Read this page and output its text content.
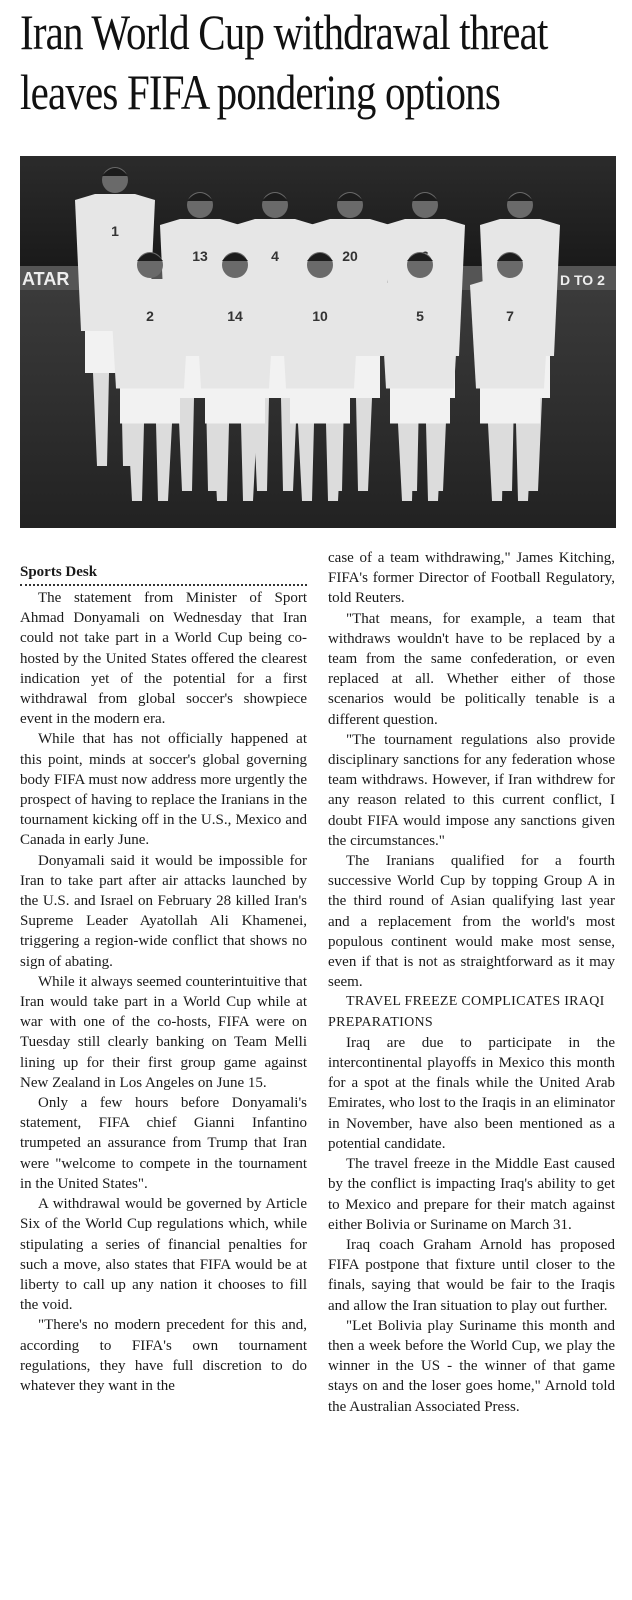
Iran World Cup withdrawal threat
leaves FIFA pondering options
ATAR	D TO 2
1
13	4	20
2	14	10	5	7
Sports Desk

The statement from Minister of Sport Ahmad Donyamali on Wednesday that Iran could not take part in a World Cup being co-hosted by the United States offered the clearest indication yet of the potential for a first withdrawal from global soccer's showpiece event in the modern era.

While that has not officially happened at this point, minds at soccer's global governing body FIFA must now address more urgently the prospect of having to replace the Iranians in the tournament kicking off in the U.S., Mexico and Canada in early June.

Donyamali said it would be impossible for Iran to take part after air attacks launched by the U.S. and Israel on February 28 killed Iran's Supreme Leader Ayatollah Ali Khamenei, triggering a region-wide conflict that shows no sign of abating.

While it always seemed counterintuitive that Iran would take part in a World Cup while at war with one of the co-hosts, FIFA were on Tuesday still clearly banking on Team Melli lining up for their first group game against New Zealand in Los Angeles on June 15.

Only a few hours before Donyamali's statement, FIFA chief Gianni Infantino trumpeted an assurance from Trump that Iran were "welcome to compete in the tournament in the United States".

A withdrawal would be governed by Article Six of the World Cup regulations which, while stipulating a series of financial penalties for such a move, also states that FIFA would be at liberty to call up any nation it chooses to fill the void.

"There's no modern precedent for this and, according to FIFA's own tournament regulations, they have full discretion to do whatever they want in the

case of a team withdrawing," James Kitching, FIFA's former Director of Football Regulatory, told Reuters.

"That means, for example, a team that withdraws wouldn't have to be replaced by a team from the same confederation, or even replaced at all. Whether either of those scenarios would be politically tenable is a different question.

"The tournament regulations also provide disciplinary sanctions for any federation whose team withdraws. However, if Iran withdrew for any reason related to this current conflict, I doubt FIFA would impose any sanctions given the circumstances."

The Iranians qualified for a fourth successive World Cup by topping Group A in the third round of Asian qualifying last year and a replacement from the world's most populous continent would make most sense, even if that is not as straightforward as it may seem.

TRAVEL FREEZE COMPLICATES IRAQI PREPARATIONS

Iraq are due to participate in the intercontinental playoffs in Mexico this month for a spot at the finals while the United Arab Emirates, who lost to the Iraqis in an eliminator in November, have also been mentioned as a potential candidate.

The travel freeze in the Middle East caused by the conflict is impacting Iraq's ability to get to Mexico and prepare for their match against either Bolivia or Suriname on March 31.

Iraq coach Graham Arnold has proposed FIFA postpone that fixture until closer to the finals, saying that would be fair to the Iraqis and allow the Iran situation to play out further.

"Let Bolivia play Suriname this month and then a week before the World Cup, we play the winner in the US - the winner of that game stays on and the loser goes home," Arnold told the Australian Associated Press.
